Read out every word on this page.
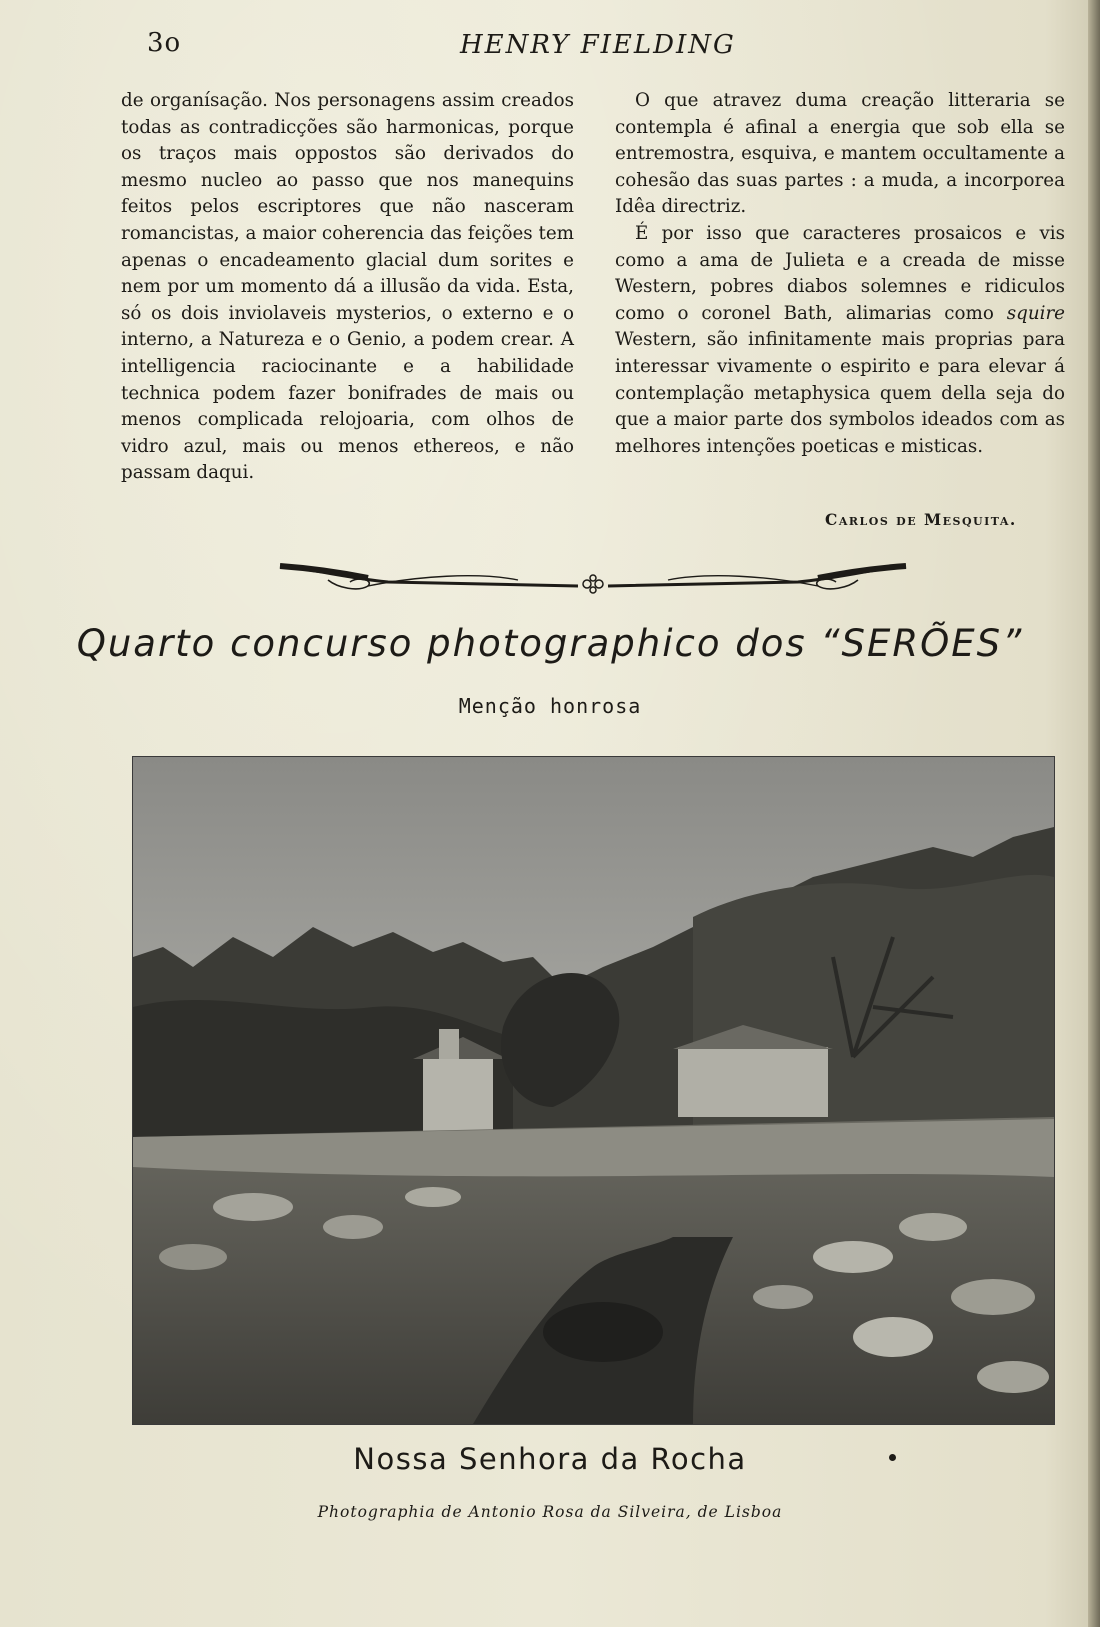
3o	HENRY FIELDING

de organísação. Nos personagens assim creados todas as contradicções são harmonicas, porque os traços mais oppostos são derivados do mesmo nucleo ao passo que nos manequins feitos pelos escriptores que não nasceram romancistas, a maior coherencia das feições tem apenas o encadeamento glacial dum sorites e nem por um momento dá a illusão da vida. Esta, só os dois inviolaveis mysterios, o externo e o interno, a Natureza e o Genio, a podem crear. A intelligencia raciocinante e a habilidade technica podem fazer bonifrades de mais ou menos complicada relojoaria, com olhos de vidro azul, mais ou menos ethereos, e não passam daqui.

O que atravez duma creação litteraria se contempla é afinal a energia que sob ella se entremostra, esquiva, e mantem occultamente a cohesão das suas partes : a muda, a incorporea Idêa directriz.

É por isso que caracteres prosaicos e vis como a ama de Julieta e a creada de misse Western, pobres diabos solemnes e ridiculos como o coronel Bath, alimarias como squire Western, são infinitamente mais proprias para interessar vivamente o espirito e para elevar á contemplação metaphysica quem della seja do que a maior parte dos symbolos ideados com as melhores intenções poeticas e misticas.

Carlos de Mesquita.
Quarto concurso photographico dos “SERÕES”
Menção honrosa
Nossa Senhora da Rocha
Photographia de Antonio Rosa da Silveira, de Lisboa
